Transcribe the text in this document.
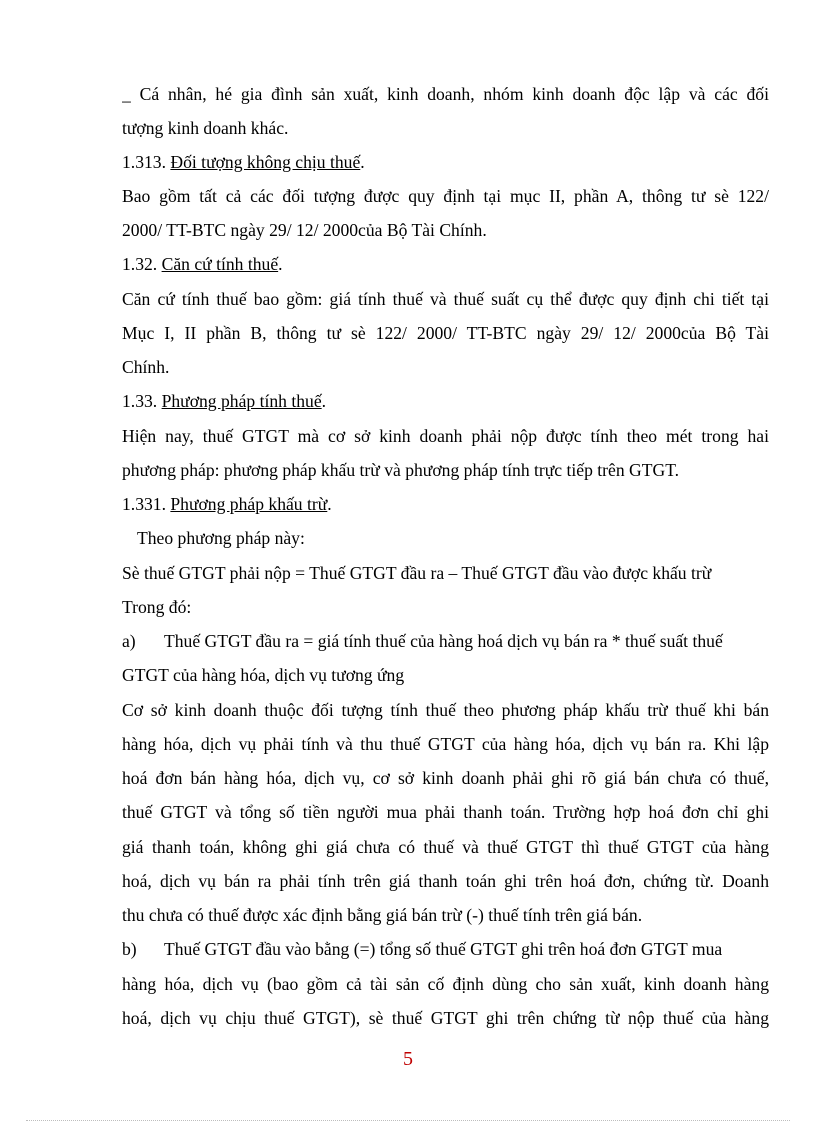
_ Cá nhân, hé gia đình sản xuất, kinh doanh, nhóm kinh doanh độc lập và các đối
tượng kinh doanh khác.
1.313. Đối tượng không chịu thuế.
Bao gồm tất cả các đối tượng được quy định tại mục II, phần A, thông tư sè 122/
2000/ TT-BTC ngày 29/ 12/ 2000của Bộ Tài Chính.
1.32. Căn cứ tính thuế.
Căn cứ tính thuế bao gồm: giá tính thuế và thuế suất cụ thể được quy định chi tiết tại
Mục I, II phần B, thông tư sè 122/ 2000/ TT-BTC ngày 29/ 12/ 2000của Bộ Tài
Chính.
1.33. Phương pháp tính thuế.
Hiện nay, thuế GTGT mà cơ sở kinh doanh phải nộp được tính theo mét trong hai
phương pháp: phương pháp khấu trừ và phương pháp tính trực tiếp trên GTGT.
1.331. Phương pháp khấu trừ.
Theo phương pháp này:
Sè thuế GTGT phải nộp = Thuế GTGT đầu ra – Thuế GTGT đầu vào được khấu trừ
Trong đó:
a) Thuế GTGT đầu ra = giá tính thuế của hàng hoá dịch vụ bán ra * thuế suất thuế
GTGT của hàng hóa, dịch vụ tương ứng
Cơ sở kinh doanh thuộc đối tượng tính thuế theo phương pháp khấu trừ thuế khi bán
hàng hóa, dịch vụ phải tính và thu thuế GTGT của hàng hóa, dịch vụ bán ra. Khi lập
hoá đơn bán hàng hóa, dịch vụ, cơ sở kinh doanh phải ghi rõ giá bán chưa có thuế,
thuế GTGT và tổng số tiền người mua phải thanh toán. Trường hợp hoá đơn chỉ ghi
giá thanh toán, không ghi giá chưa có thuế và thuế GTGT thì thuế GTGT của hàng
hoá, dịch vụ bán ra phải tính trên giá thanh toán ghi trên hoá đơn, chứng từ. Doanh
thu chưa có thuế được xác định bằng giá bán trừ (-) thuế tính trên giá bán.
b) Thuế GTGT đầu vào bằng (=) tổng số thuế GTGT ghi trên hoá đơn GTGT mua
hàng hóa, dịch vụ (bao gồm cả tài sản cố định dùng cho sản xuất, kinh doanh hàng
hoá, dịch vụ chịu thuế GTGT), sè thuế GTGT ghi trên chứng từ nộp thuế của hàng
5
